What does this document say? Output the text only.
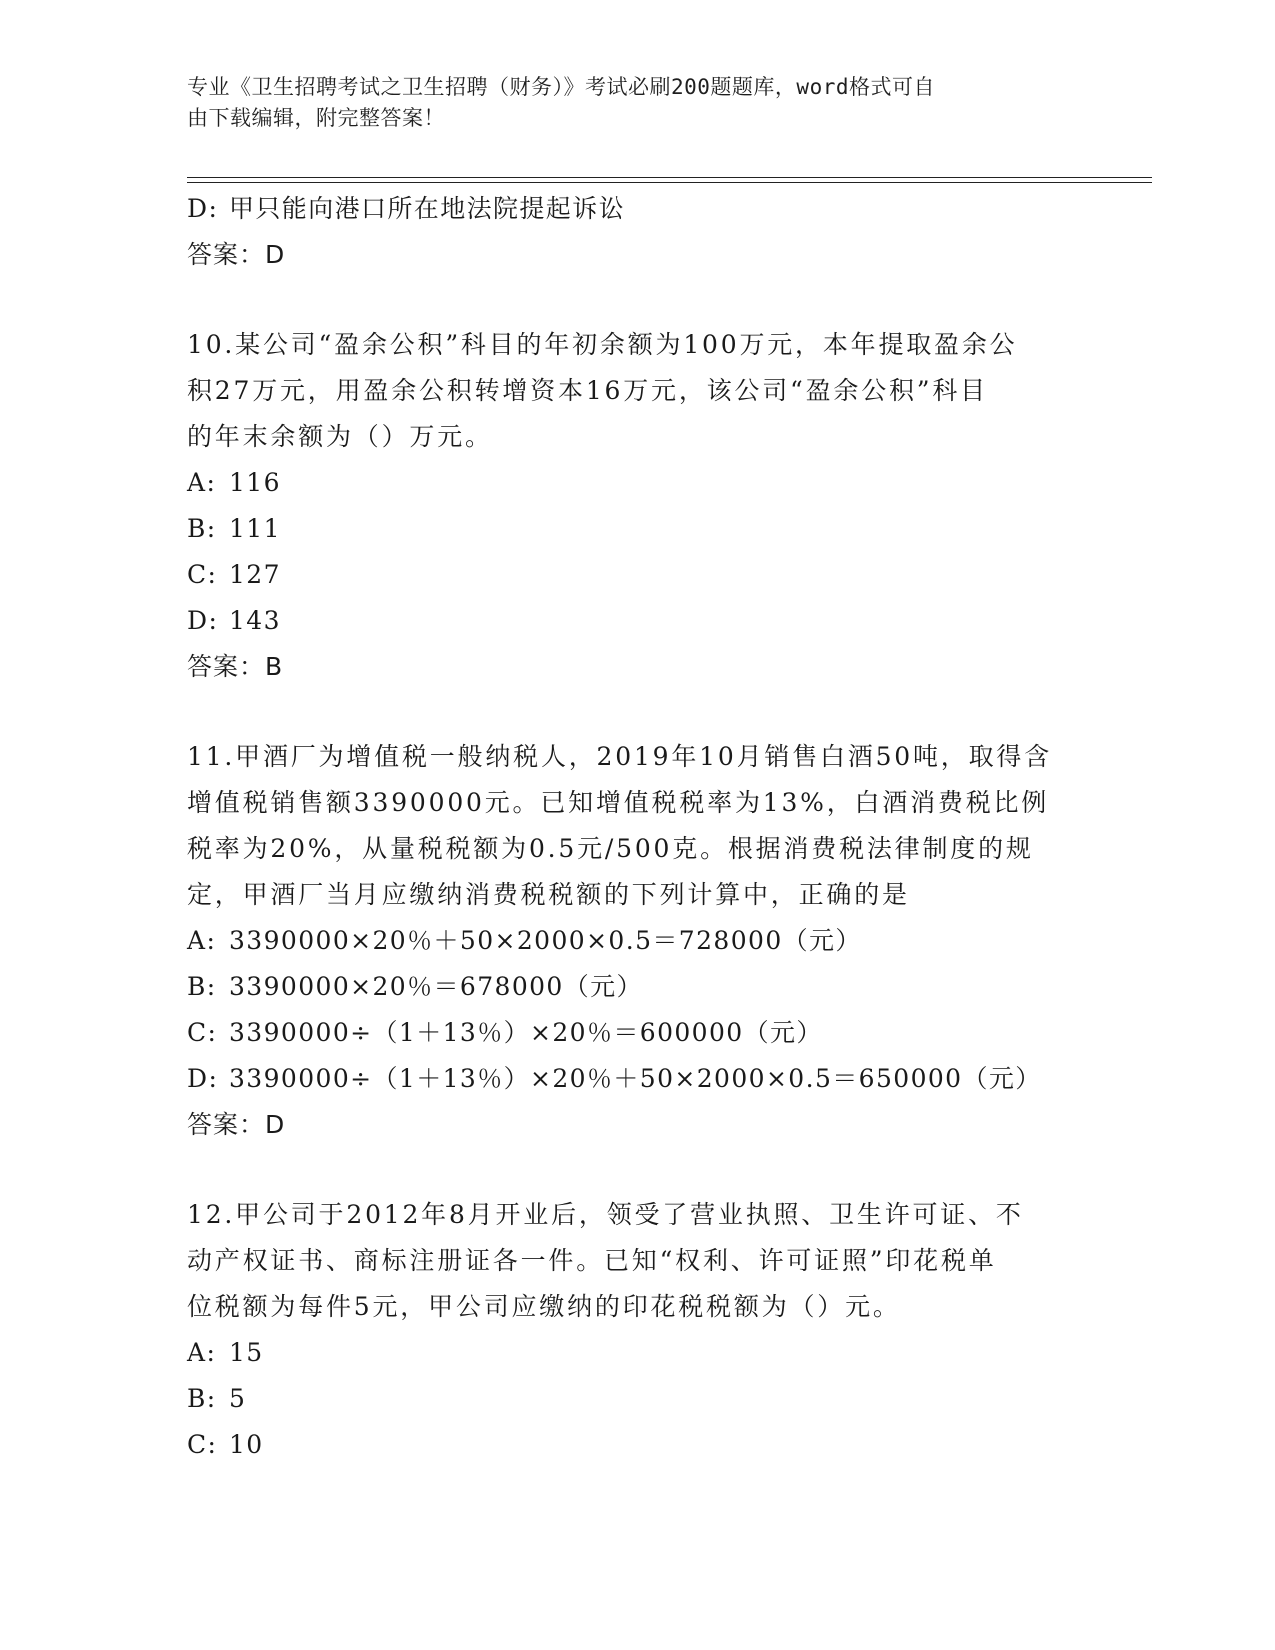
专业《卫生招聘考试之卫生招聘（财务）》考试必刷200题题库，word格式可自
由下载编辑，附完整答案！
D: 甲只能向港口所在地法院提起诉讼
答案：D
10.某公司“盈余公积”科目的年初余额为100万元，本年提取盈余公
积27万元，用盈余公积转增资本16万元，该公司“盈余公积”科目
的年末余额为（）万元。
A: 116
B: 111
C: 127
D: 143
答案：B
11.甲酒厂为增值税一般纳税人，2019年10月销售白酒50吨，取得含
增值税销售额3390000元。已知增值税税率为13%，白酒消费税比例
税率为20%，从量税税额为0.5元/500克。根据消费税法律制度的规
定，甲酒厂当月应缴纳消费税税额的下列计算中，正确的是
A: 3390000×20％＋50×2000×0.5＝728000（元）
B: 3390000×20％＝678000（元）
C: 3390000÷（1＋13％）×20％＝600000（元）
D: 3390000÷（1＋13％）×20％＋50×2000×0.5＝650000（元）
答案：D
12.甲公司于2012年8月开业后，领受了营业执照、卫生许可证、不
动产权证书、商标注册证各一件。已知“权利、许可证照”印花税单
位税额为每件5元，甲公司应缴纳的印花税税额为（）元。
A: 15
B: 5
C: 10
